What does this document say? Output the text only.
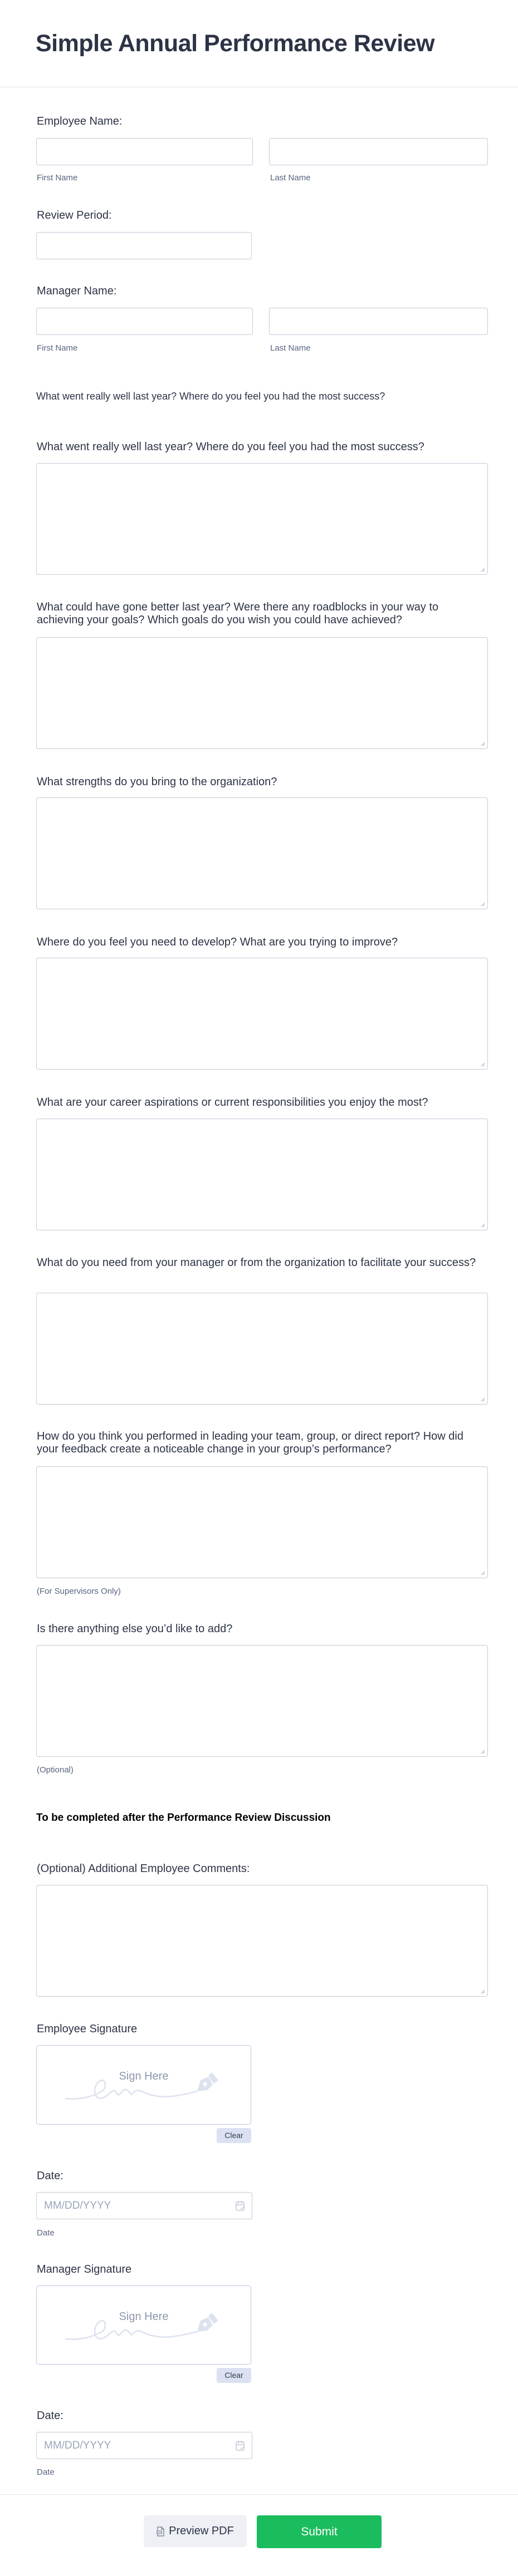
Simple Annual Performance Review
Employee Name:
First Name	Last Name
Review Period:
Manager Name:
First Name	Last Name

What went really well last year? Where do you feel you had the most success?

What went really well last year? Where do you feel you had the most success?
What could have gone better last year? Were there any roadblocks in your way to achieving your goals? Which goals do you wish you could have achieved?
What strengths do you bring to the organization?
Where do you feel you need to develop? What are you trying to improve?
What are your career aspirations or current responsibilities you enjoy the most?
What do you need from your manager or from the organization to facilitate your success?
How do you think you performed in leading your team, group, or direct report? How did your feedback create a noticeable change in your group’s performance?
(For Supervisors Only)
Is there anything else you’d like to add?
(Optional)
To be completed after the Performance Review Discussion
(Optional) Additional Employee Comments:
Employee Signature
Sign Here
Clear
Date:
MM/DD/YYYY
Date
Manager Signature
Sign Here
Clear
Date:
MM/DD/YYYY
Date
PDF Preview PDF	Submit
